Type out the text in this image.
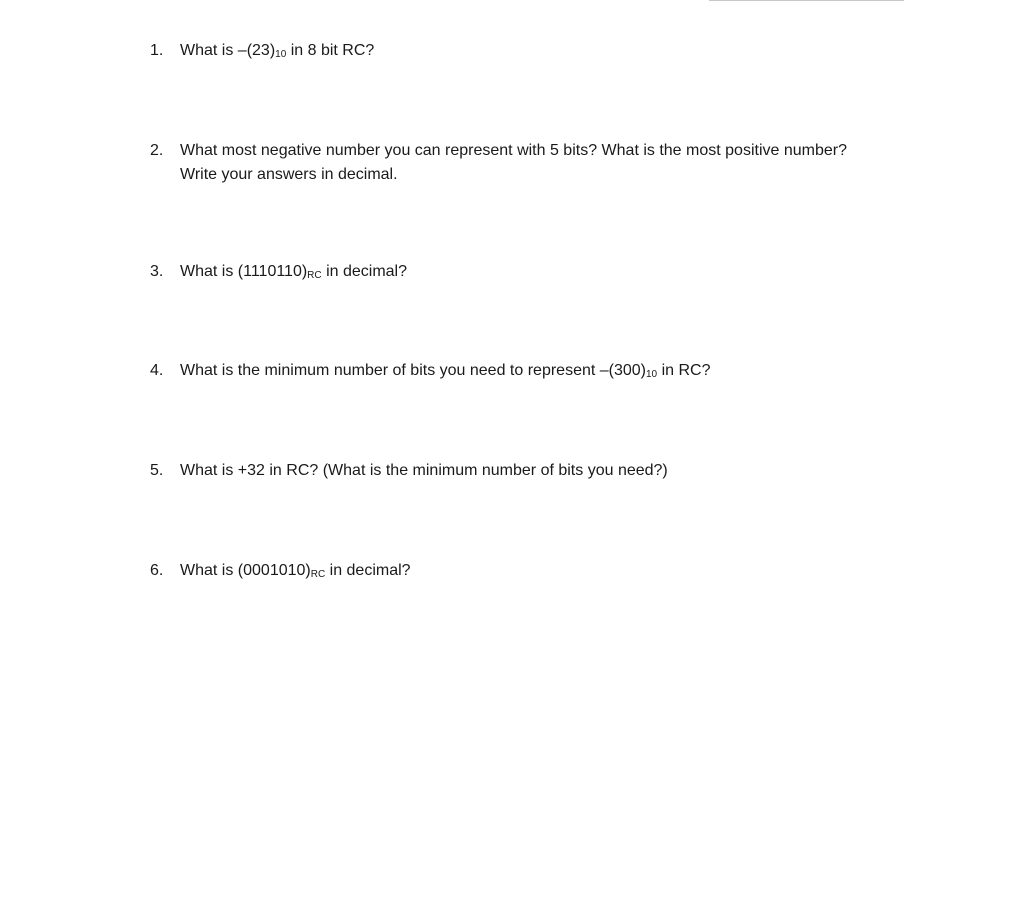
1.	What is $-(23)_{10}$ in 8 bit RC?
2.	What most negative number you can represent with 5 bits? What is the most positive number?
Write your answers in decimal.
3.	What is $(1110110)_{RC}$ in decimal?
4.	What is the minimum number of bits you need to represent $-(300)_{10}$ in RC?
5.	What is +32 in RC? (What is the minimum number of bits you need?)
6.	What is $(0001010)_{RC}$ in decimal?
